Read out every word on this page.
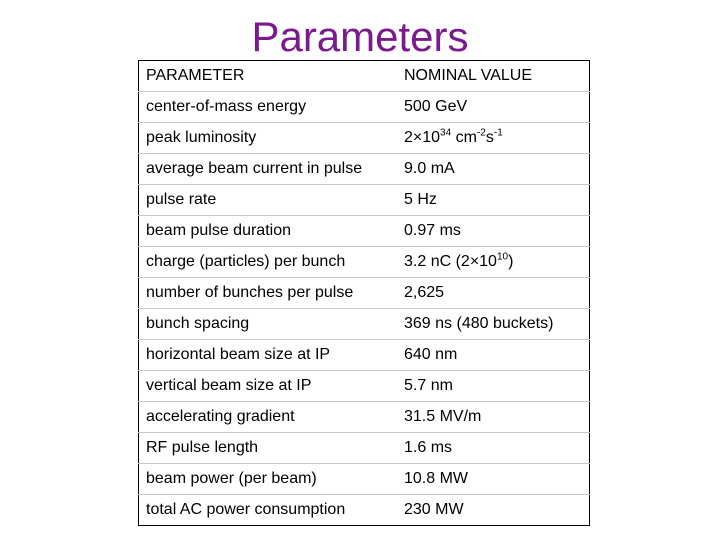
Parameters
PARAMETER	NOMINAL VALUE
center-of-mass energy	500 GeV
peak luminosity	$2\times 10^{34}$ $cm^{-2}s^{-1}$
average beam current in pulse	9.0 mA
pulse rate	5 Hz
beam pulse duration	0.97 ms
charge (particles) per bunch	3.2 nC $(2\times 10^{10})$
number of bunches per pulse	2,625
bunch spacing	369 ns (480 buckets)
horizontal beam size at IP	640 nm
vertical beam size at IP	5.7 nm
accelerating gradient	31.5 MV/m
RF pulse length	1.6 ms
beam power (per beam)	10.8 MW
total AC power consumption	230 MW
